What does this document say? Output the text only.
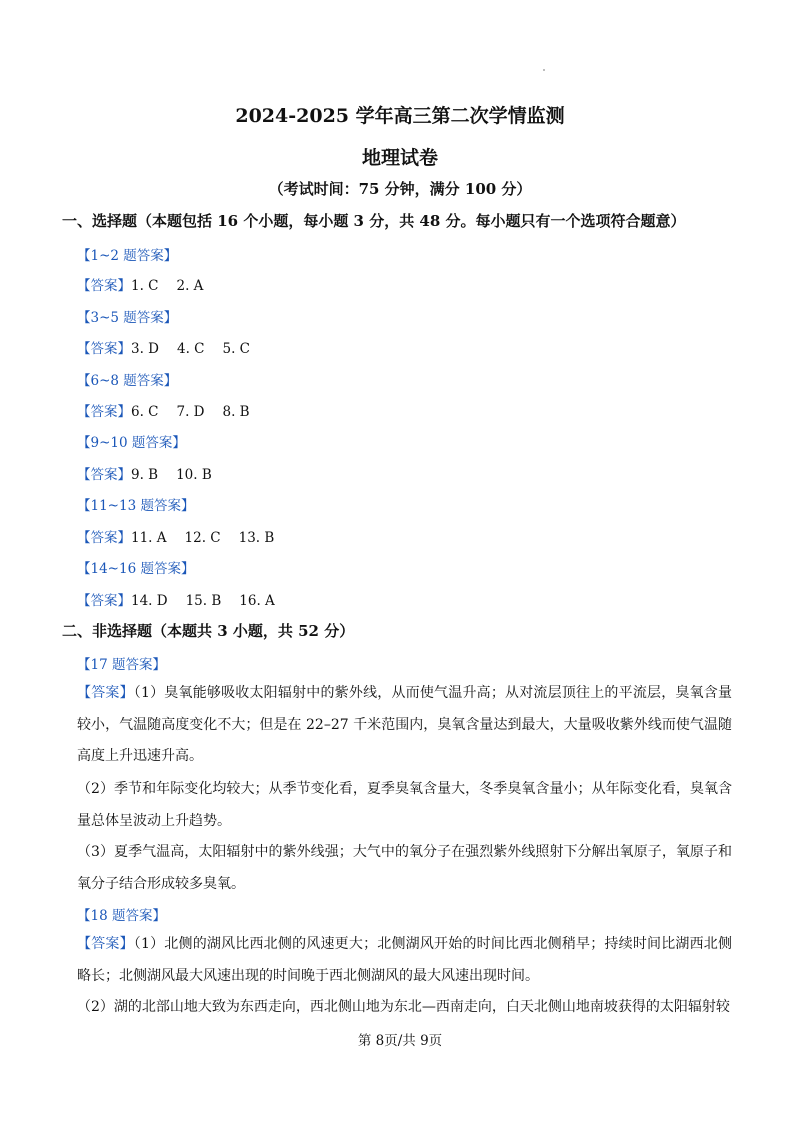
2024-2025 学年高三第二次学情监测
地理试卷
（考试时间：75 分钟，满分 100 分）
一、选择题（本题包括 16 个小题，每小题 3 分，共 48 分。每小题只有一个选项符合题意）
【1~2 题答案】
【答案】1. C 2. A
【3~5 题答案】
【答案】3. D 4. C 5. C
【6~8 题答案】
【答案】6. C 7. D 8. B
【9~10 题答案】
【答案】9. B 10. B
【11~13 题答案】
【答案】11. A 12. C 13. B
【14~16 题答案】
【答案】14. D 15. B 16. A
二、非选择题（本题共 3 小题，共 52 分）
【17 题答案】
【答案】（1）臭氧能够吸收太阳辐射中的紫外线，从而使气温升高；从对流层顶往上的平流层，臭氧含量较小，气温随高度变化不大；但是在 22–27 千米范围内，臭氧含量达到最大，大量吸收紫外线而使气温随高度上升迅速升高。
（2）季节和年际变化均较大；从季节变化看，夏季臭氧含量大，冬季臭氧含量小；从年际变化看，臭氧含量总体呈波动上升趋势。
（3）夏季气温高，太阳辐射中的紫外线强；大气中的氧分子在强烈紫外线照射下分解出氧原子，氧原子和氧分子结合形成较多臭氧。
【18 题答案】
【答案】（1）北侧的湖风比西北侧的风速更大；北侧湖风开始的时间比西北侧稍早；持续时间比湖西北侧略长；北侧湖风最大风速出现的时间晚于西北侧湖风的最大风速出现时间。
（2）湖的北部山地大致为东西走向，西北侧山地为东北—西南走向，白天北侧山地南坡获得的太阳辐射较
第 8页/共 9页
